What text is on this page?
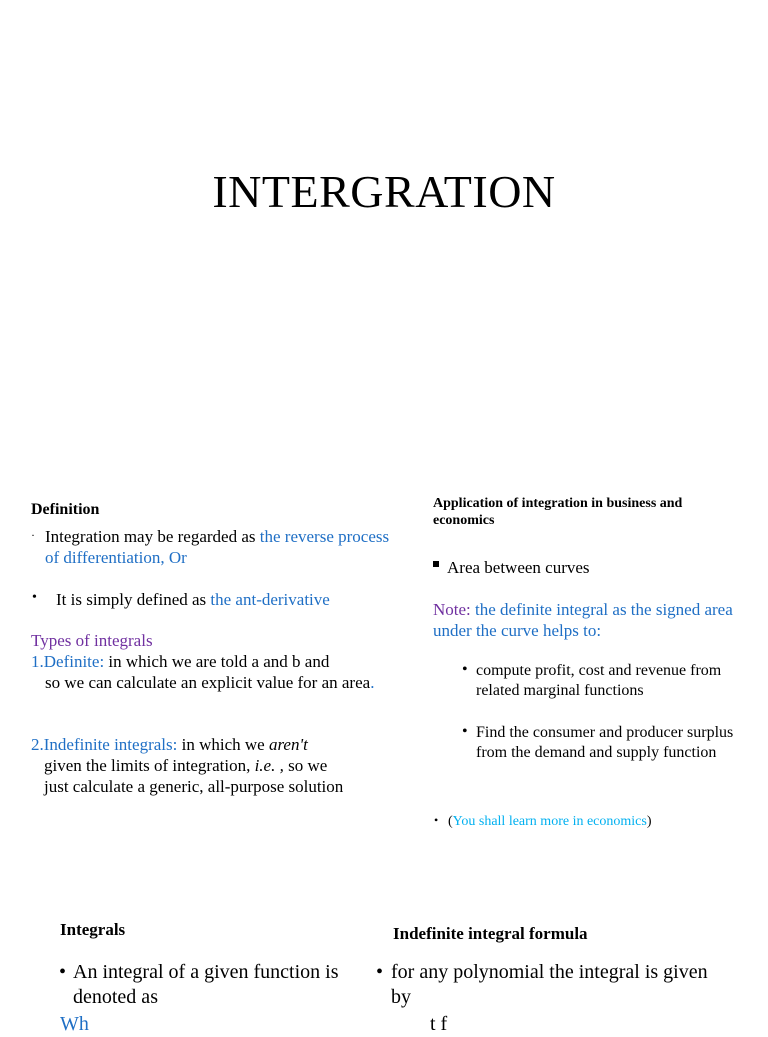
INTERGRATION
Definition
· Integration may be regarded as the reverse process of differentiation, Or
• It is simply defined as the ant-derivative
Types of integrals
1.Definite: in which we are told a and b and
so we can calculate an explicit value for an area.
2.Indefinite integrals: in which we aren't
given the limits of integration, i.e. , so we
just calculate a generic, all-purpose solution
Application of integration in business and economics
Area between curves
Note: the definite integral as the signed area under the curve helps to:
• compute profit, cost and revenue from related marginal functions
• Find the consumer and producer surplus from the demand and supply function
• (You shall learn more in economics)
Integrals	Indefinite integral formula
• An integral of a given function is denoted as
Wh
• for any polynomial the integral is given by
t f
